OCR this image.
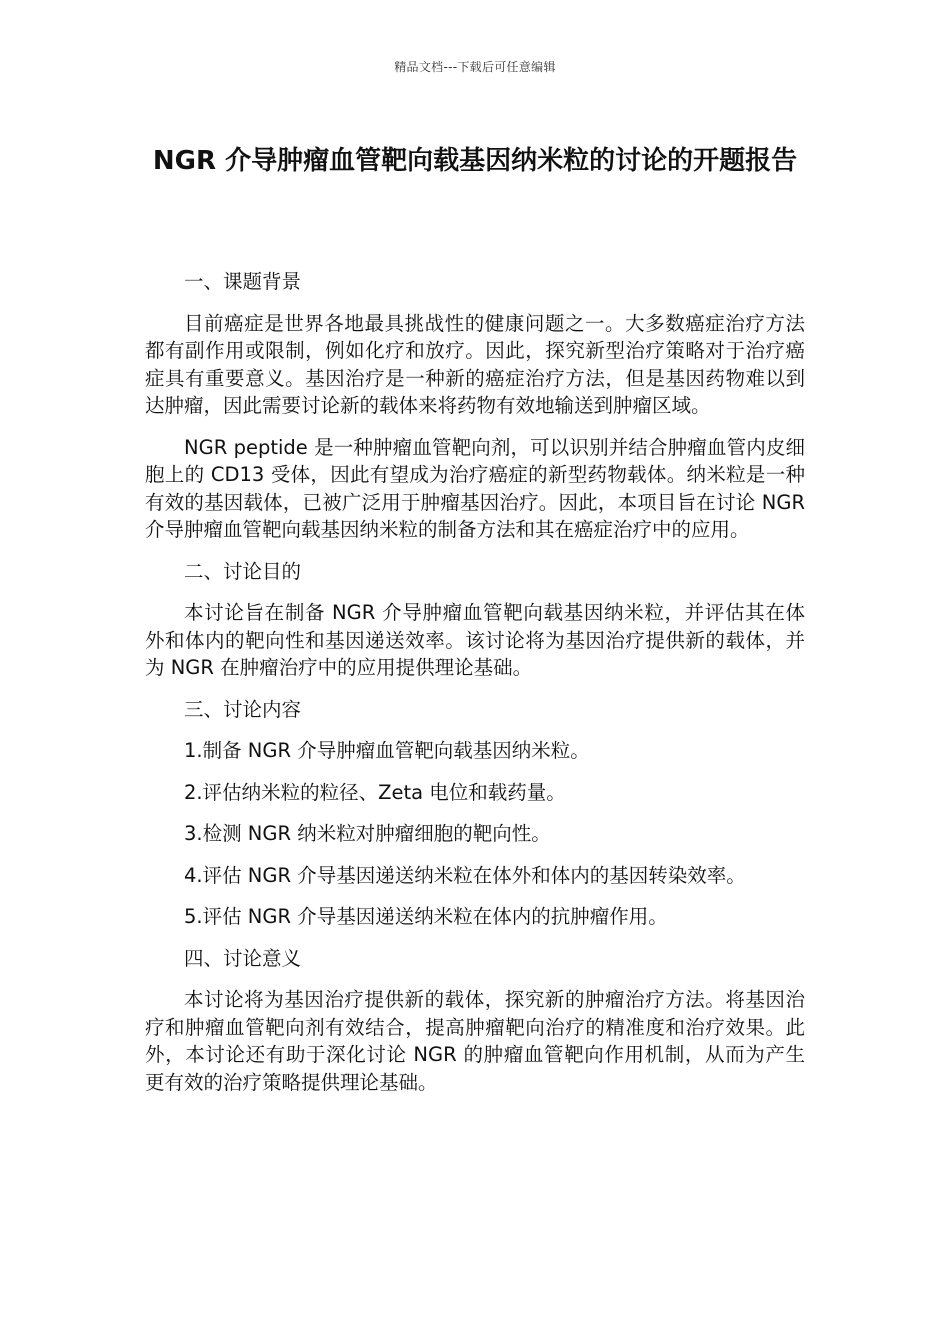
精品文档---下载后可任意编辑
NGR 介导肿瘤血管靶向载基因纳米粒的讨论的开题报告

一、课题背景

目前癌症是世界各地最具挑战性的健康问题之一。大多数癌症治疗方法都有副作用或限制，例如化疗和放疗。因此，探究新型治疗策略对于治疗癌症具有重要意义。基因治疗是一种新的癌症治疗方法，但是基因药物难以到达肿瘤，因此需要讨论新的载体来将药物有效地输送到肿瘤区域。

NGR peptide 是一种肿瘤血管靶向剂，可以识别并结合肿瘤血管内皮细胞上的 CD13 受体，因此有望成为治疗癌症的新型药物载体。纳米粒是一种有效的基因载体，已被广泛用于肿瘤基因治疗。因此，本项目旨在讨论 NGR 介导肿瘤血管靶向载基因纳米粒的制备方法和其在癌症治疗中的应用。

二、讨论目的

本讨论旨在制备 NGR 介导肿瘤血管靶向载基因纳米粒，并评估其在体外和体内的靶向性和基因递送效率。该讨论将为基因治疗提供新的载体，并为 NGR 在肿瘤治疗中的应用提供理论基础。

三、讨论内容

1.制备 NGR 介导肿瘤血管靶向载基因纳米粒。

2.评估纳米粒的粒径、Zeta 电位和载药量。

3.检测 NGR 纳米粒对肿瘤细胞的靶向性。

4.评估 NGR 介导基因递送纳米粒在体外和体内的基因转染效率。

5.评估 NGR 介导基因递送纳米粒在体内的抗肿瘤作用。

四、讨论意义

本讨论将为基因治疗提供新的载体，探究新的肿瘤治疗方法。将基因治疗和肿瘤血管靶向剂有效结合，提高肿瘤靶向治疗的精准度和治疗效果。此外，本讨论还有助于深化讨论 NGR 的肿瘤血管靶向作用机制，从而为产生更有效的治疗策略提供理论基础。
